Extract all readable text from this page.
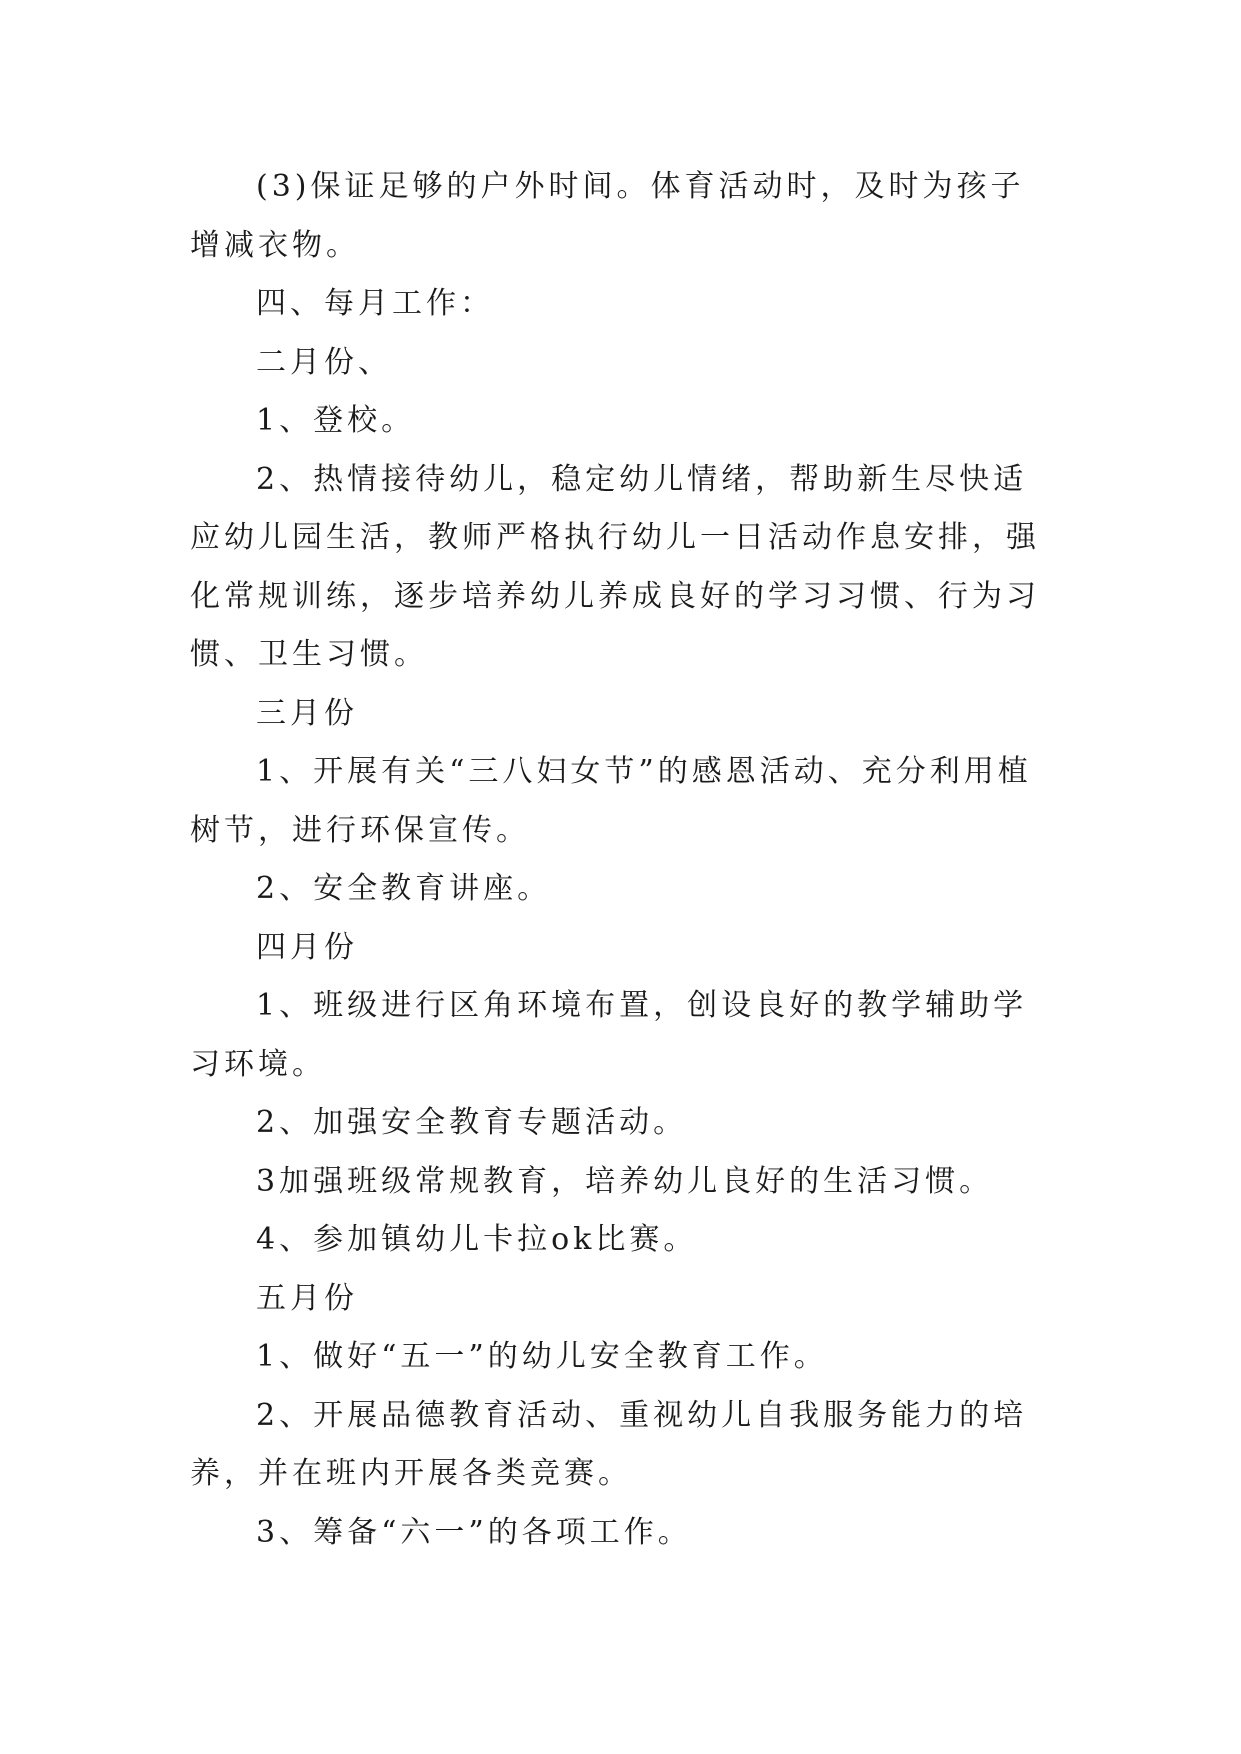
(3)保证足够的户外时间。体育活动时，及时为孩子增减衣物。

四、每月工作：

二月份、

1、登校。

2、热情接待幼儿，稳定幼儿情绪，帮助新生尽快适应幼儿园生活，教师严格执行幼儿一日活动作息安排，强化常规训练，逐步培养幼儿养成良好的学习习惯、行为习惯、卫生习惯。

三月份

1、开展有关“三八妇女节”的感恩活动、充分利用植树节，进行环保宣传。

2、安全教育讲座。

四月份

1、班级进行区角环境布置，创设良好的教学辅助学习环境。

2、加强安全教育专题活动。

3加强班级常规教育，培养幼儿良好的生活习惯。

4、参加镇幼儿卡拉ok比赛。

五月份

1、做好“五一”的幼儿安全教育工作。

2、开展品德教育活动、重视幼儿自我服务能力的培养，并在班内开展各类竞赛。

3、筹备“六一”的各项工作。
